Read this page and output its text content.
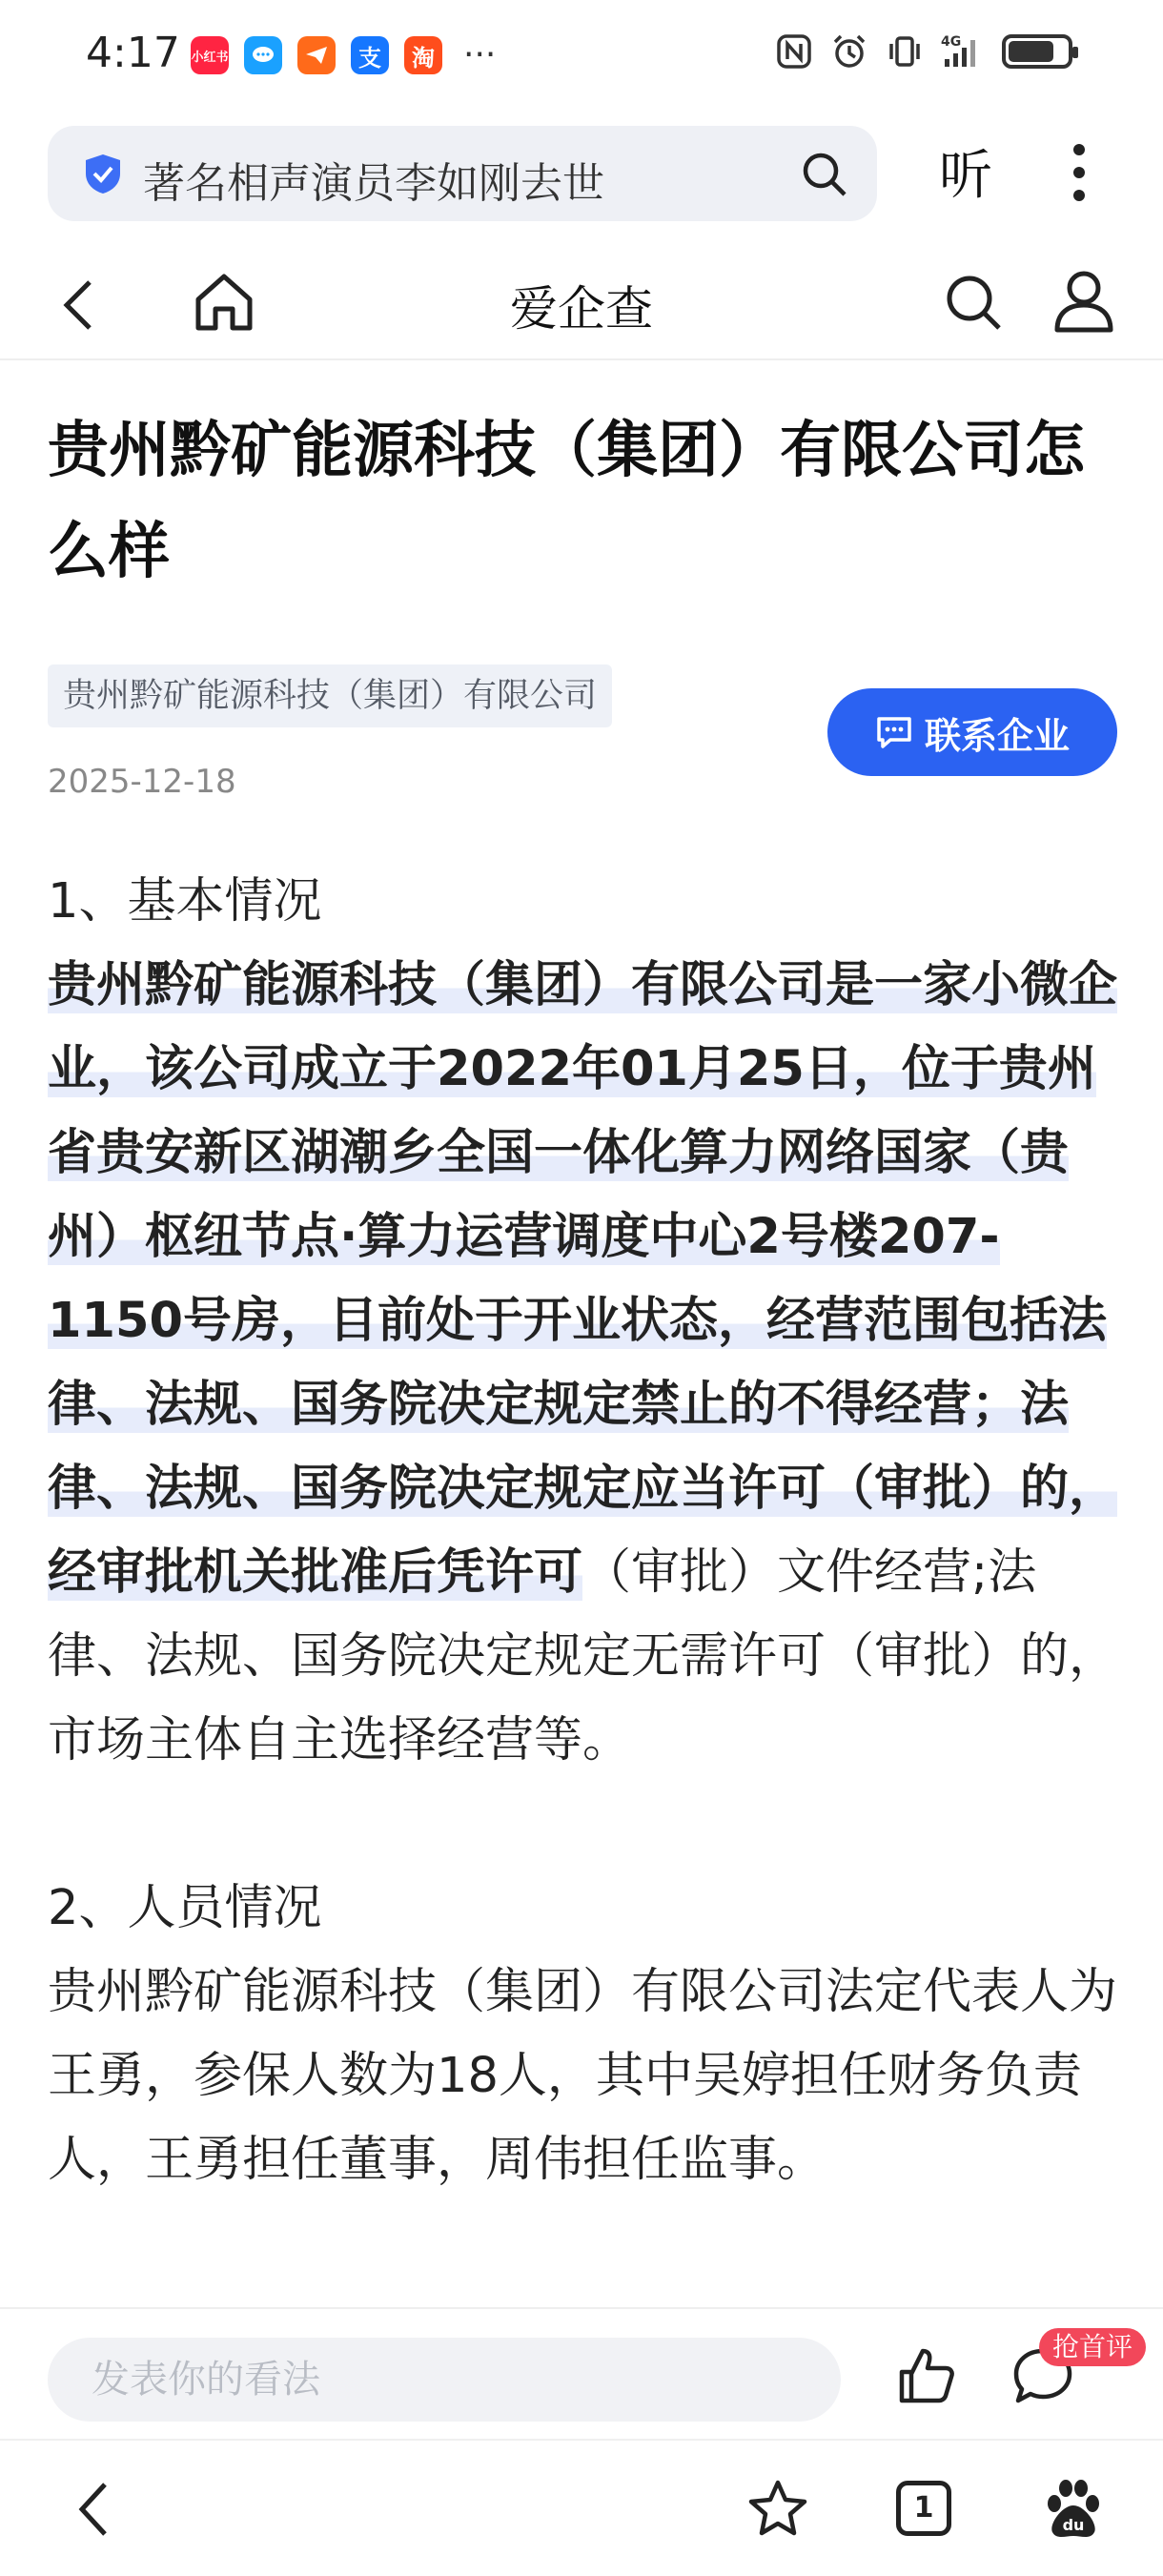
4:17 小红书	支	淘 ···	4G
著名相声演员李如刚去世	听
爱企查
贵州黔矿能源科技（集团）有限公司怎么样
贵州黔矿能源科技（集团）有限公司
联系企业
2025-12-18
1、基本情况
贵州黔矿能源科技（集团）有限公司是一家小微企业，该公司成立于2022年01月25日，位于贵州省贵安新区湖潮乡全国一体化算力网络国家（贵州）枢纽节点·算力运营调度中心2号楼207-1150号房，目前处于开业状态，经营范围包括法律、法规、国务院决定规定禁止的不得经营；法律、法规、国务院决定规定应当许可（审批）的，经审批机关批准后凭许可（审批）文件经营;法律、法规、国务院决定规定无需许可（审批）的，市场主体自主选择经营等。
2、人员情况
贵州黔矿能源科技（集团）有限公司法定代表人为王勇，参保人数为18人，其中吴婷担任财务负责人，王勇担任董事，周伟担任监事。
发表你的看法
抢首评
1
du
